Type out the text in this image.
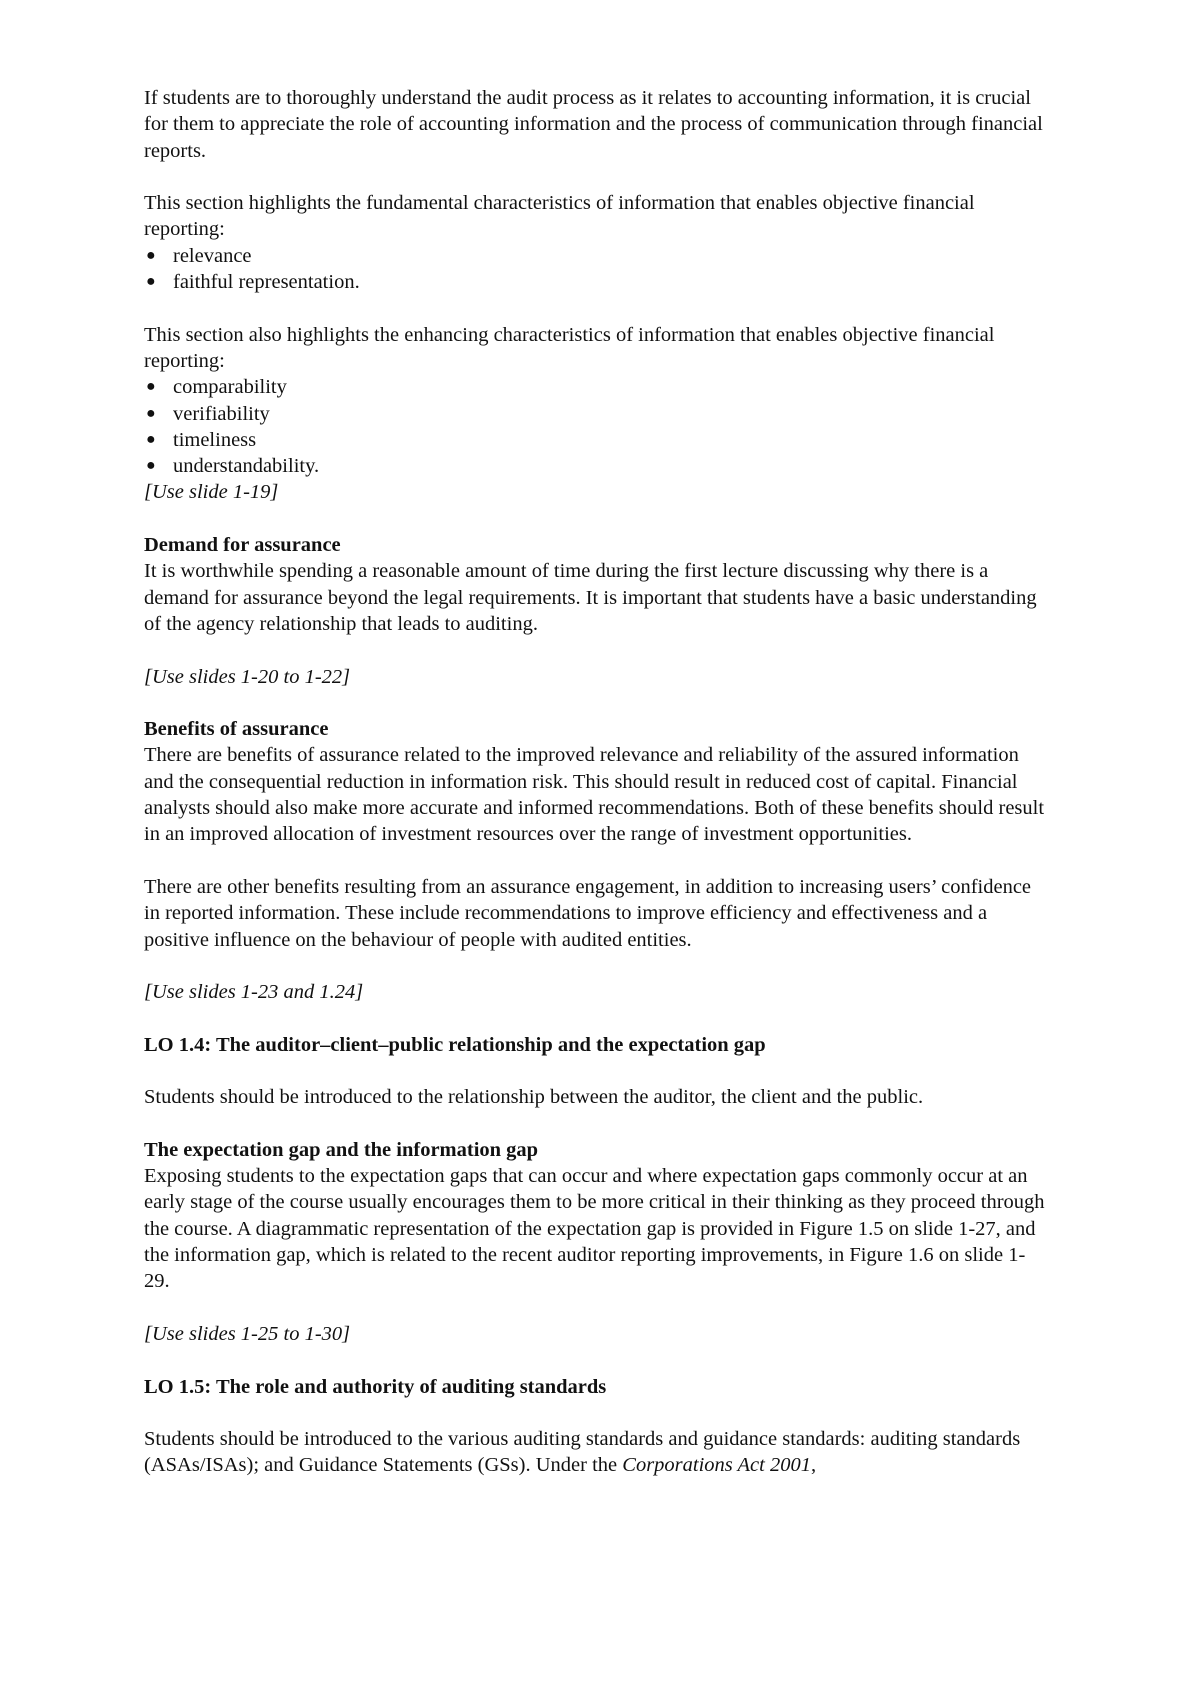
If students are to thoroughly understand the audit process as it relates to accounting information, it is crucial for them to appreciate the role of accounting information and the process of communication through financial reports.

This section highlights the fundamental characteristics of information that enables objective financial reporting:

● relevance
● faithful representation.

This section also highlights the enhancing characteristics of information that enables objective financial reporting:

● comparability
● verifiability
● timeliness
● understandability.

[Use slide 1-19]

Demand for assurance

It is worthwhile spending a reasonable amount of time during the first lecture discussing why there is a demand for assurance beyond the legal requirements. It is important that students have a basic understanding of the agency relationship that leads to auditing.

[Use slides 1-20 to 1-22]

Benefits of assurance

There are benefits of assurance related to the improved relevance and reliability of the assured information and the consequential reduction in information risk. This should result in reduced cost of capital. Financial analysts should also make more accurate and informed recommendations. Both of these benefits should result in an improved allocation of investment resources over the range of investment opportunities.

There are other benefits resulting from an assurance engagement, in addition to increasing users’ confidence in reported information. These include recommendations to improve efficiency and effectiveness and a positive influence on the behaviour of people with audited entities.

[Use slides 1-23 and 1.24]

LO 1.4: The auditor–client–public relationship and the expectation gap

Students should be introduced to the relationship between the auditor, the client and the public.

The expectation gap and the information gap

Exposing students to the expectation gaps that can occur and where expectation gaps commonly occur at an early stage of the course usually encourages them to be more critical in their thinking as they proceed through the course. A diagrammatic representation of the expectation gap is provided in Figure 1.5 on slide 1-27, and the information gap, which is related to the recent auditor reporting improvements, in Figure 1.6 on slide 1-29.

[Use slides 1-25 to 1-30]

LO 1.5: The role and authority of auditing standards

Students should be introduced to the various auditing standards and guidance standards: auditing standards (ASAs/ISAs); and Guidance Statements (GSs). Under the Corporations Act 2001,
